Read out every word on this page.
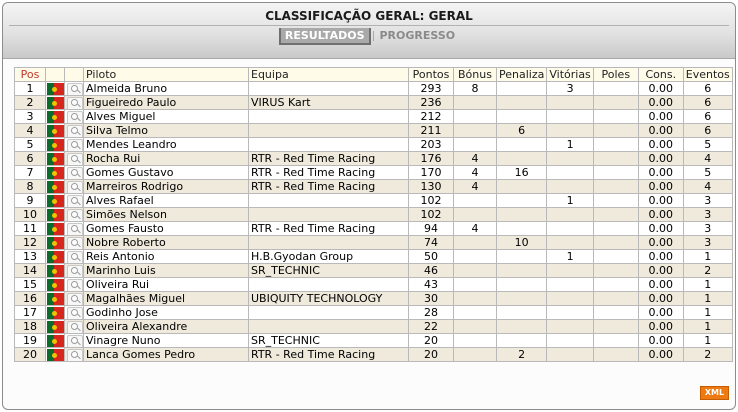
CLASSIFICAÇÃO GERAL: GERAL
RESULTADOS PROGRESSO
Pos			Piloto	Equipa	Pontos	Bónus	Penaliza	Vitórias	Poles	Cons.	Eventos
1			Almeida Bruno		293	8		3		0.00	6
2			Figueiredo Paulo	VIRUS Kart	236					0.00	6
3			Alves Miguel		212					0.00	6
4			Silva Telmo		211		6			0.00	6
5			Mendes Leandro		203			1		0.00	5
6			Rocha Rui	RTR - Red Time Racing	176	4				0.00	4
7			Gomes Gustavo	RTR - Red Time Racing	170	4	16			0.00	5
8			Marreiros Rodrigo	RTR - Red Time Racing	130	4				0.00	4
9			Alves Rafael		102			1		0.00	3
10			Simões Nelson		102					0.00	3
11			Gomes Fausto	RTR - Red Time Racing	94	4				0.00	3
12			Nobre Roberto		74		10			0.00	3
13			Reis Antonio	H.B.Gyodan Group	50			1		0.00	1
14			Marinho Luis	SR_TECHNIC	46					0.00	2
15			Oliveira Rui		43					0.00	1
16			Magalhães Miguel	UBIQUITY TECHNOLOGY	30					0.00	1
17			Godinho Jose		28					0.00	1
18			Oliveira Alexandre		22					0.00	1
19			Vinagre Nuno	SR_TECHNIC	20					0.00	1
20			Lanca Gomes Pedro	RTR - Red Time Racing	20		2			0.00	2
XML
